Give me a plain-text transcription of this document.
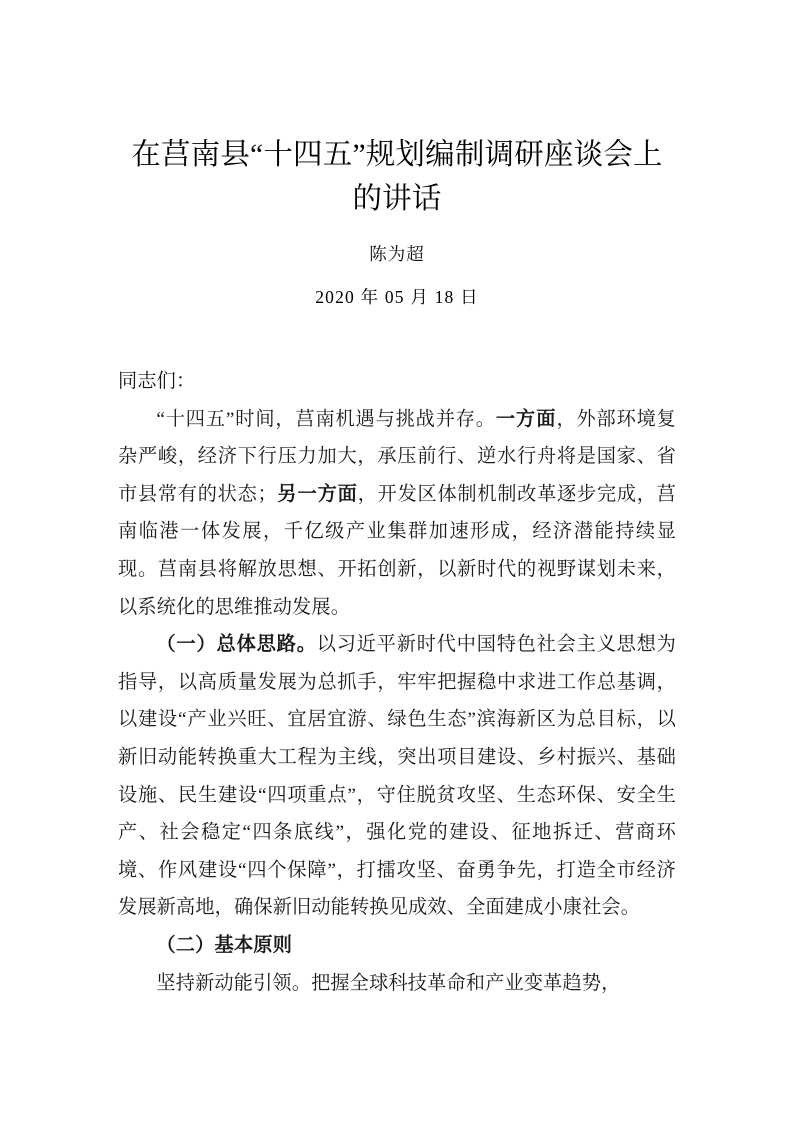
在莒南县“十四五”规划编制调研座谈会上
的讲话

陈为超

2020 年 05 月 18 日

同志们：

“十四五”时间，莒南机遇与挑战并存。一方面，外部环境复杂严峻，经济下行压力加大，承压前行、逆水行舟将是国家、省市县常有的状态；另一方面，开发区体制机制改革逐步完成，莒南临港一体发展，千亿级产业集群加速形成，经济潜能持续显现。莒南县将解放思想、开拓创新，以新时代的视野谋划未来，以系统化的思维推动发展。

（一）总体思路。以习近平新时代中国特色社会主义思想为指导，以高质量发展为总抓手，牢牢把握稳中求进工作总基调，以建设“产业兴旺、宜居宜游、绿色生态”滨海新区为总目标，以新旧动能转换重大工程为主线，突出项目建设、乡村振兴、基础设施、民生建设“四项重点”，守住脱贫攻坚、生态环保、安全生产、社会稳定“四条底线”，强化党的建设、征地拆迁、营商环境、作风建设“四个保障”，打擂攻坚、奋勇争先，打造全市经济发展新高地，确保新旧动能转换见成效、全面建成小康社会。

（二）基本原则

坚持新动能引领。把握全球科技革命和产业变革趋势，
